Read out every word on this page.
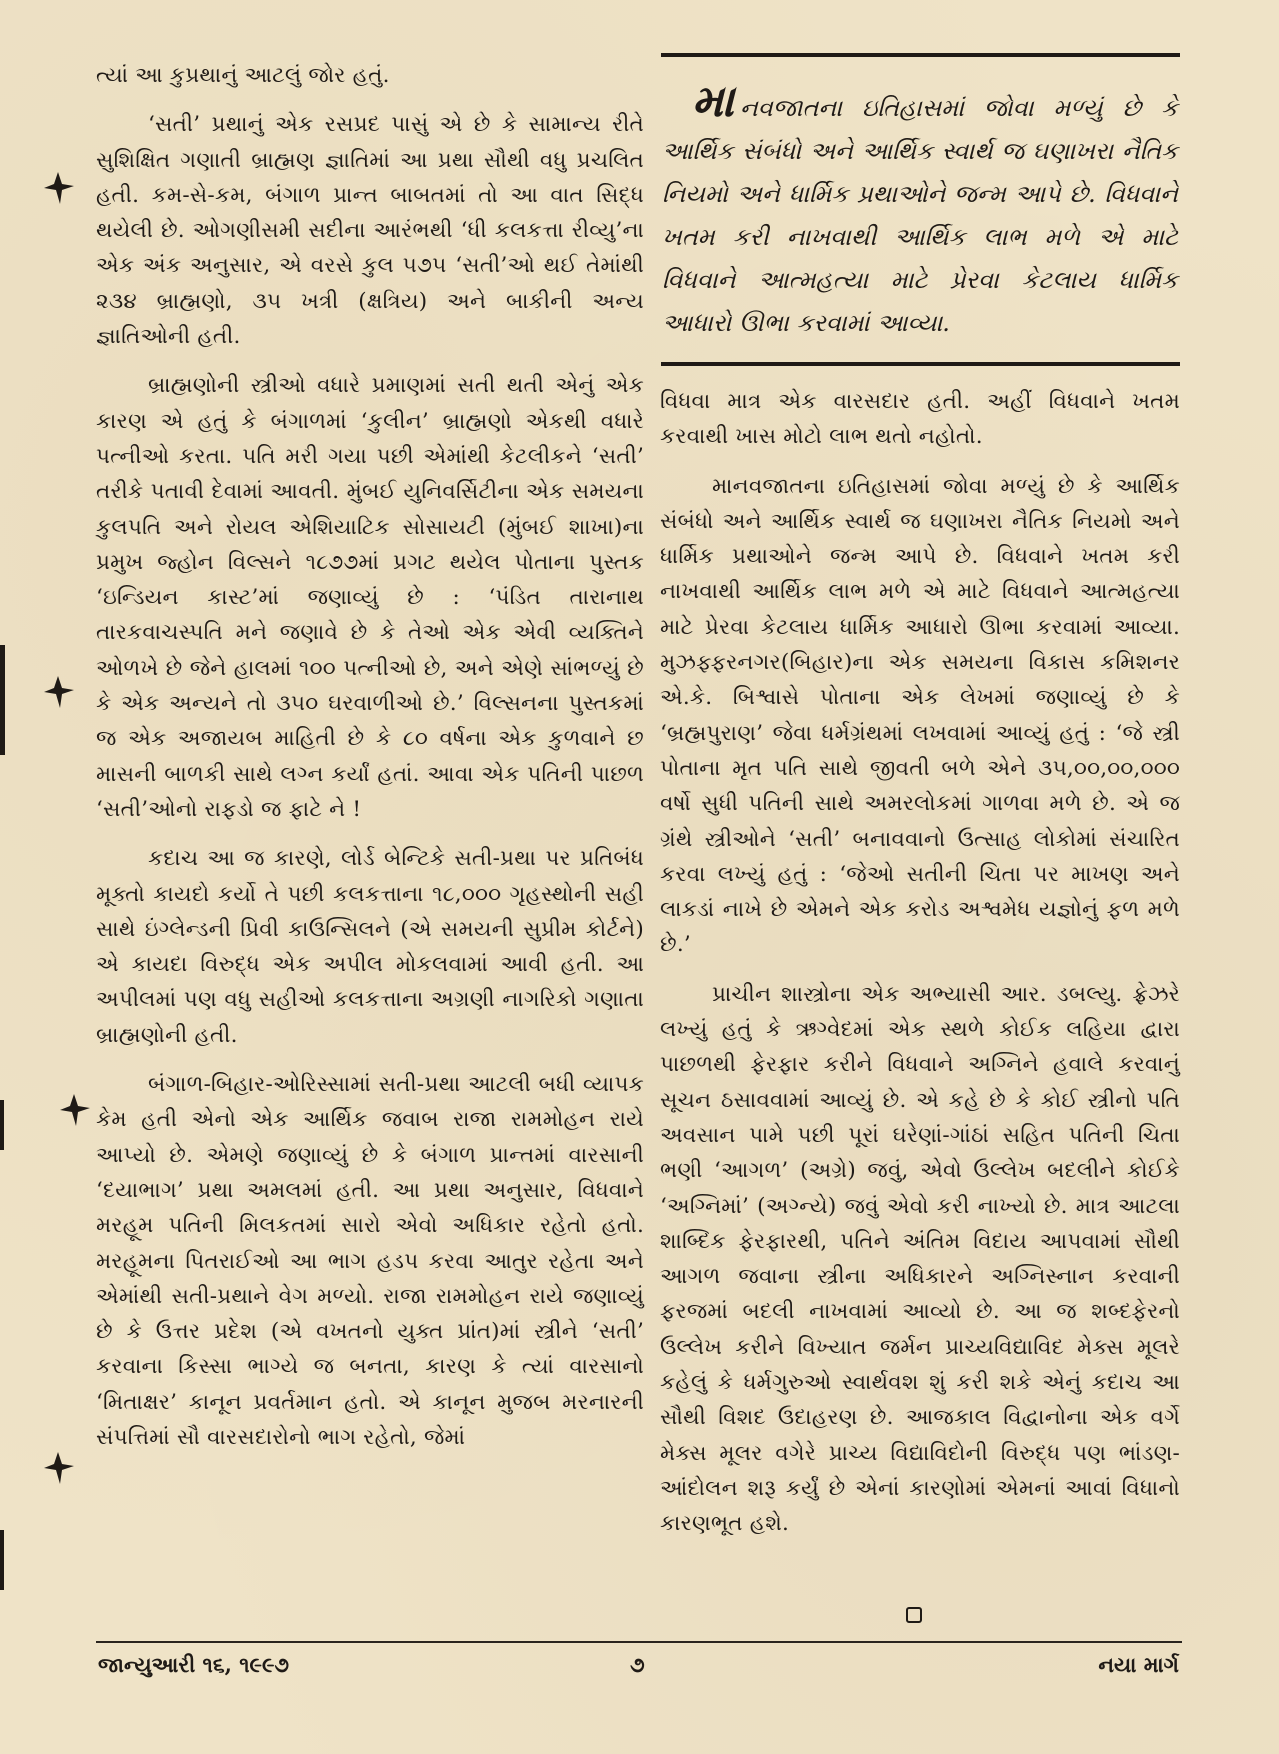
ત્યાં આ કુપ્રથાનું આટલું જોર હતું.

‘સતી’ પ્રથાનું એક રસપ્રદ પાસું એ છે કે સામાન્ય રીતે સુશિક્ષિત ગણાતી બ્રાહ્મણ જ્ઞાતિમાં આ પ્રથા સૌથી વધુ પ્રચલિત હતી. કમ-સે-કમ, બંગાળ પ્રાન્ત બાબતમાં તો આ વાત સિદ્ધ થયેલી છે. ઓગણીસમી સદીના આરંભથી ‘ધી કલકત્તા રીવ્યુ’ના એક અંક અનુસાર, એ વરસે કુલ ૫૭૫ ‘સતી’ઓ થઈ તેમાંથી ૨૩૪ બ્રાહ્મણો, ૩૫ ખત્રી (ક્ષત્રિય) અને બાકીની અન્ય જ્ઞાતિઓની હતી.

બ્રાહ્મણોની સ્ત્રીઓ વધારે પ્રમાણમાં સતી થતી એનું એક કારણ એ હતું કે બંગાળમાં ‘કુલીન’ બ્રાહ્મણો એકથી વધારે પત્નીઓ કરતા. પતિ મરી ગયા પછી એમાંથી કેટલીકને ‘સતી’ તરીકે પતાવી દેવામાં આવતી. મુંબઈ યુનિવર્સિટીના એક સમયના કુલપતિ અને રોયલ એશિયાટિક સોસાયટી (મુંબઈ શાખા)ના પ્રમુખ જ્હોન વિલ્સને ૧૮૭૭માં પ્રગટ થયેલ પોતાના પુસ્તક ‘ઇન્ડિયન કાસ્ટ’માં જણાવ્યું છે : ‘પંડિત તારાનાથ તારકવાચસ્પતિ મને જણાવે છે કે તેઓ એક એવી વ્યક્તિને ઓળખે છે જેને હાલમાં ૧૦૦ પત્નીઓ છે, અને એણે સાંભળ્યું છે કે એક અન્યને તો ૩૫૦ ઘરવાળીઓ છે.’ વિલ્સનના પુસ્તકમાં જ એક અજાયબ માહિતી છે કે ૮૦ વર્ષના એક કુળવાને છ માસની બાળકી સાથે લગ્ન કર્યાં હતાં. આવા એક પતિની પાછળ ‘સતી’ઓનો રાફડો જ ફાટે ને !

કદાચ આ જ કારણે, લોર્ડ બેન્ટિકે સતી-પ્રથા પર પ્રતિબંધ મૂક્તો કાયદો કર્યો તે પછી કલકત્તાના ૧૮,૦૦૦ ગૃહસ્થોની સહી સાથે ઇંગ્લેન્ડની પ્રિવી કાઉન્સિલને (એ સમયની સુપ્રીમ કોર્ટને) એ કાયદા વિરુદ્ધ એક અપીલ મોકલવામાં આવી હતી. આ અપીલમાં પણ વધુ સહીઓ કલકત્તાના અગ્રણી નાગરિકો ગણાતા બ્રાહ્મણોની હતી.

બંગાળ-બિહાર-ઓરિસ્સામાં સતી-પ્રથા આટલી બધી વ્યાપક કેમ હતી એનો એક આર્થિક જવાબ રાજા રામમોહન રાયે આપ્યો છે. એમણે જણાવ્યું છે કે બંગાળ પ્રાન્તમાં વારસાની ‘દયાભાગ’ પ્રથા અમલમાં હતી. આ પ્રથા અનુસાર, વિધવાને મરહૂમ પતિની મિલકતમાં સારો એવો અધિકાર રહેતો હતો. મરહૂમના પિતરાઈઓ આ ભાગ હડપ કરવા આતુર રહેતા અને એમાંથી સતી-પ્રથાને વેગ મળ્યો. રાજા રામમોહન રાયે જણાવ્યું છે કે ઉત્તર પ્રદેશ (એ વખતનો યુક્ત પ્રાંત)માં સ્ત્રીને ‘સતી’ કરવાના કિસ્સા ભાગ્યે જ બનતા, કારણ કે ત્યાં વારસાનો ‘મિતાક્ષર’ કાનૂન પ્રવર્તમાન હતો. એ કાનૂન મુજબ મરનારની સંપત્તિમાં સૌ વારસદારોનો ભાગ રહેતો, જેમાં

માનવજાતના ઇતિહાસમાં જોવા મળ્યું છે કે આર્થિક સંબંધો અને આર્થિક સ્વાર્થ જ ઘણાખરા નૈતિક નિયમો અને ધાર્મિક પ્રથાઓને જન્મ આપે છે. વિધવાને ખતમ કરી નાખવાથી આર્થિક લાભ મળે એ માટે વિધવાને આત્મહત્યા માટે પ્રેરવા કેટલાય ધાર્મિક આધારો ઊભા કરવામાં આવ્યા.

વિધવા માત્ર એક વારસદાર હતી. અહીં વિધવાને ખતમ કરવાથી ખાસ મોટો લાભ થતો નહોતો.

માનવજાતના ઇતિહાસમાં જોવા મળ્યું છે કે આર્થિક સંબંધો અને આર્થિક સ્વાર્થ જ ઘણાખરા નૈતિક નિયમો અને ધાર્મિક પ્રથાઓને જન્મ આપે છે. વિધવાને ખતમ કરી નાખવાથી આર્થિક લાભ મળે એ માટે વિધવાને આત્મહત્યા માટે પ્રેરવા કેટલાય ધાર્મિક આધારો ઊભા કરવામાં આવ્યા. મુઝફ્ફરનગર(બિહાર)ના એક સમયના વિકાસ કમિશનર એ.કે. બિશ્વાસે પોતાના એક લેખમાં જણાવ્યું છે કે ‘બ્રહ્મપુરાણ’ જેવા ધર્મગ્રંથમાં લખવામાં આવ્યું હતું : ‘જે સ્ત્રી પોતાના મૃત પતિ સાથે જીવતી બળે એને ૩૫,૦૦,૦૦,૦૦૦ વર્ષો સુધી પતિની સાથે અમરલોકમાં ગાળવા મળે છે. એ જ ગ્રંથે સ્ત્રીઓને ‘સતી’ બનાવવાનો ઉત્સાહ લોકોમાં સંચારિત કરવા લખ્યું હતું : ‘જેઓ સતીની ચિતા પર માખણ અને લાકડાં નાખે છે એમને એક કરોડ અશ્વમેધ યજ્ઞોનું ફળ મળે છે.’

પ્રાચીન શાસ્ત્રોના એક અભ્યાસી આર. ડબલ્યુ. ફ્રેઝરે લખ્યું હતું કે ઋગ્વેદમાં એક સ્થળે કોઈક લહિયા દ્વારા પાછળથી ફેરફાર કરીને વિધવાને અગ્નિને હવાલે કરવાનું સૂચન ઠસાવવામાં આવ્યું છે. એ કહે છે કે કોઈ સ્ત્રીનો પતિ અવસાન પામે પછી પૂરાં ઘરેણાં-ગાંઠાં સહિત પતિની ચિતા ભણી ‘આગળ’ (અગ્રે) જવું, એવો ઉલ્લેખ બદલીને કોઈકે ‘અગ્નિમાં’ (અગ્ન્યે) જવું એવો કરી નાખ્યો છે. માત્ર આટલા શાબ્દિક ફેરફારથી, પતિને અંતિમ વિદાય આપવામાં સૌથી આગળ જવાના સ્ત્રીના અધિકારને અગ્નિસ્નાન કરવાની ફરજમાં બદલી નાખવામાં આવ્યો છે. આ જ શબ્દફેરનો ઉલ્લેખ કરીને વિખ્યાત જર્મન પ્રાચ્યવિદ્યાવિદ મેક્સ મૂલરે કહેલું કે ધર્મગુરુઓ સ્વાર્થવશ શું કરી શકે એનું કદાચ આ સૌથી વિશદ ઉદાહરણ છે. આજકાલ વિદ્વાનોના એક વર્ગે મેક્સ મૂલર વગેરે પ્રાચ્ય વિદ્યાવિદોની વિરુદ્ધ પણ ભાંડણ-આંદોલન શરૂ કર્યું છે એનાં કારણોમાં એમનાં આવાં વિધાનો કારણભૂત હશે.

જાન્યુઆરી ૧૬, ૧૯૯૭	૭	નયા માર્ગ
